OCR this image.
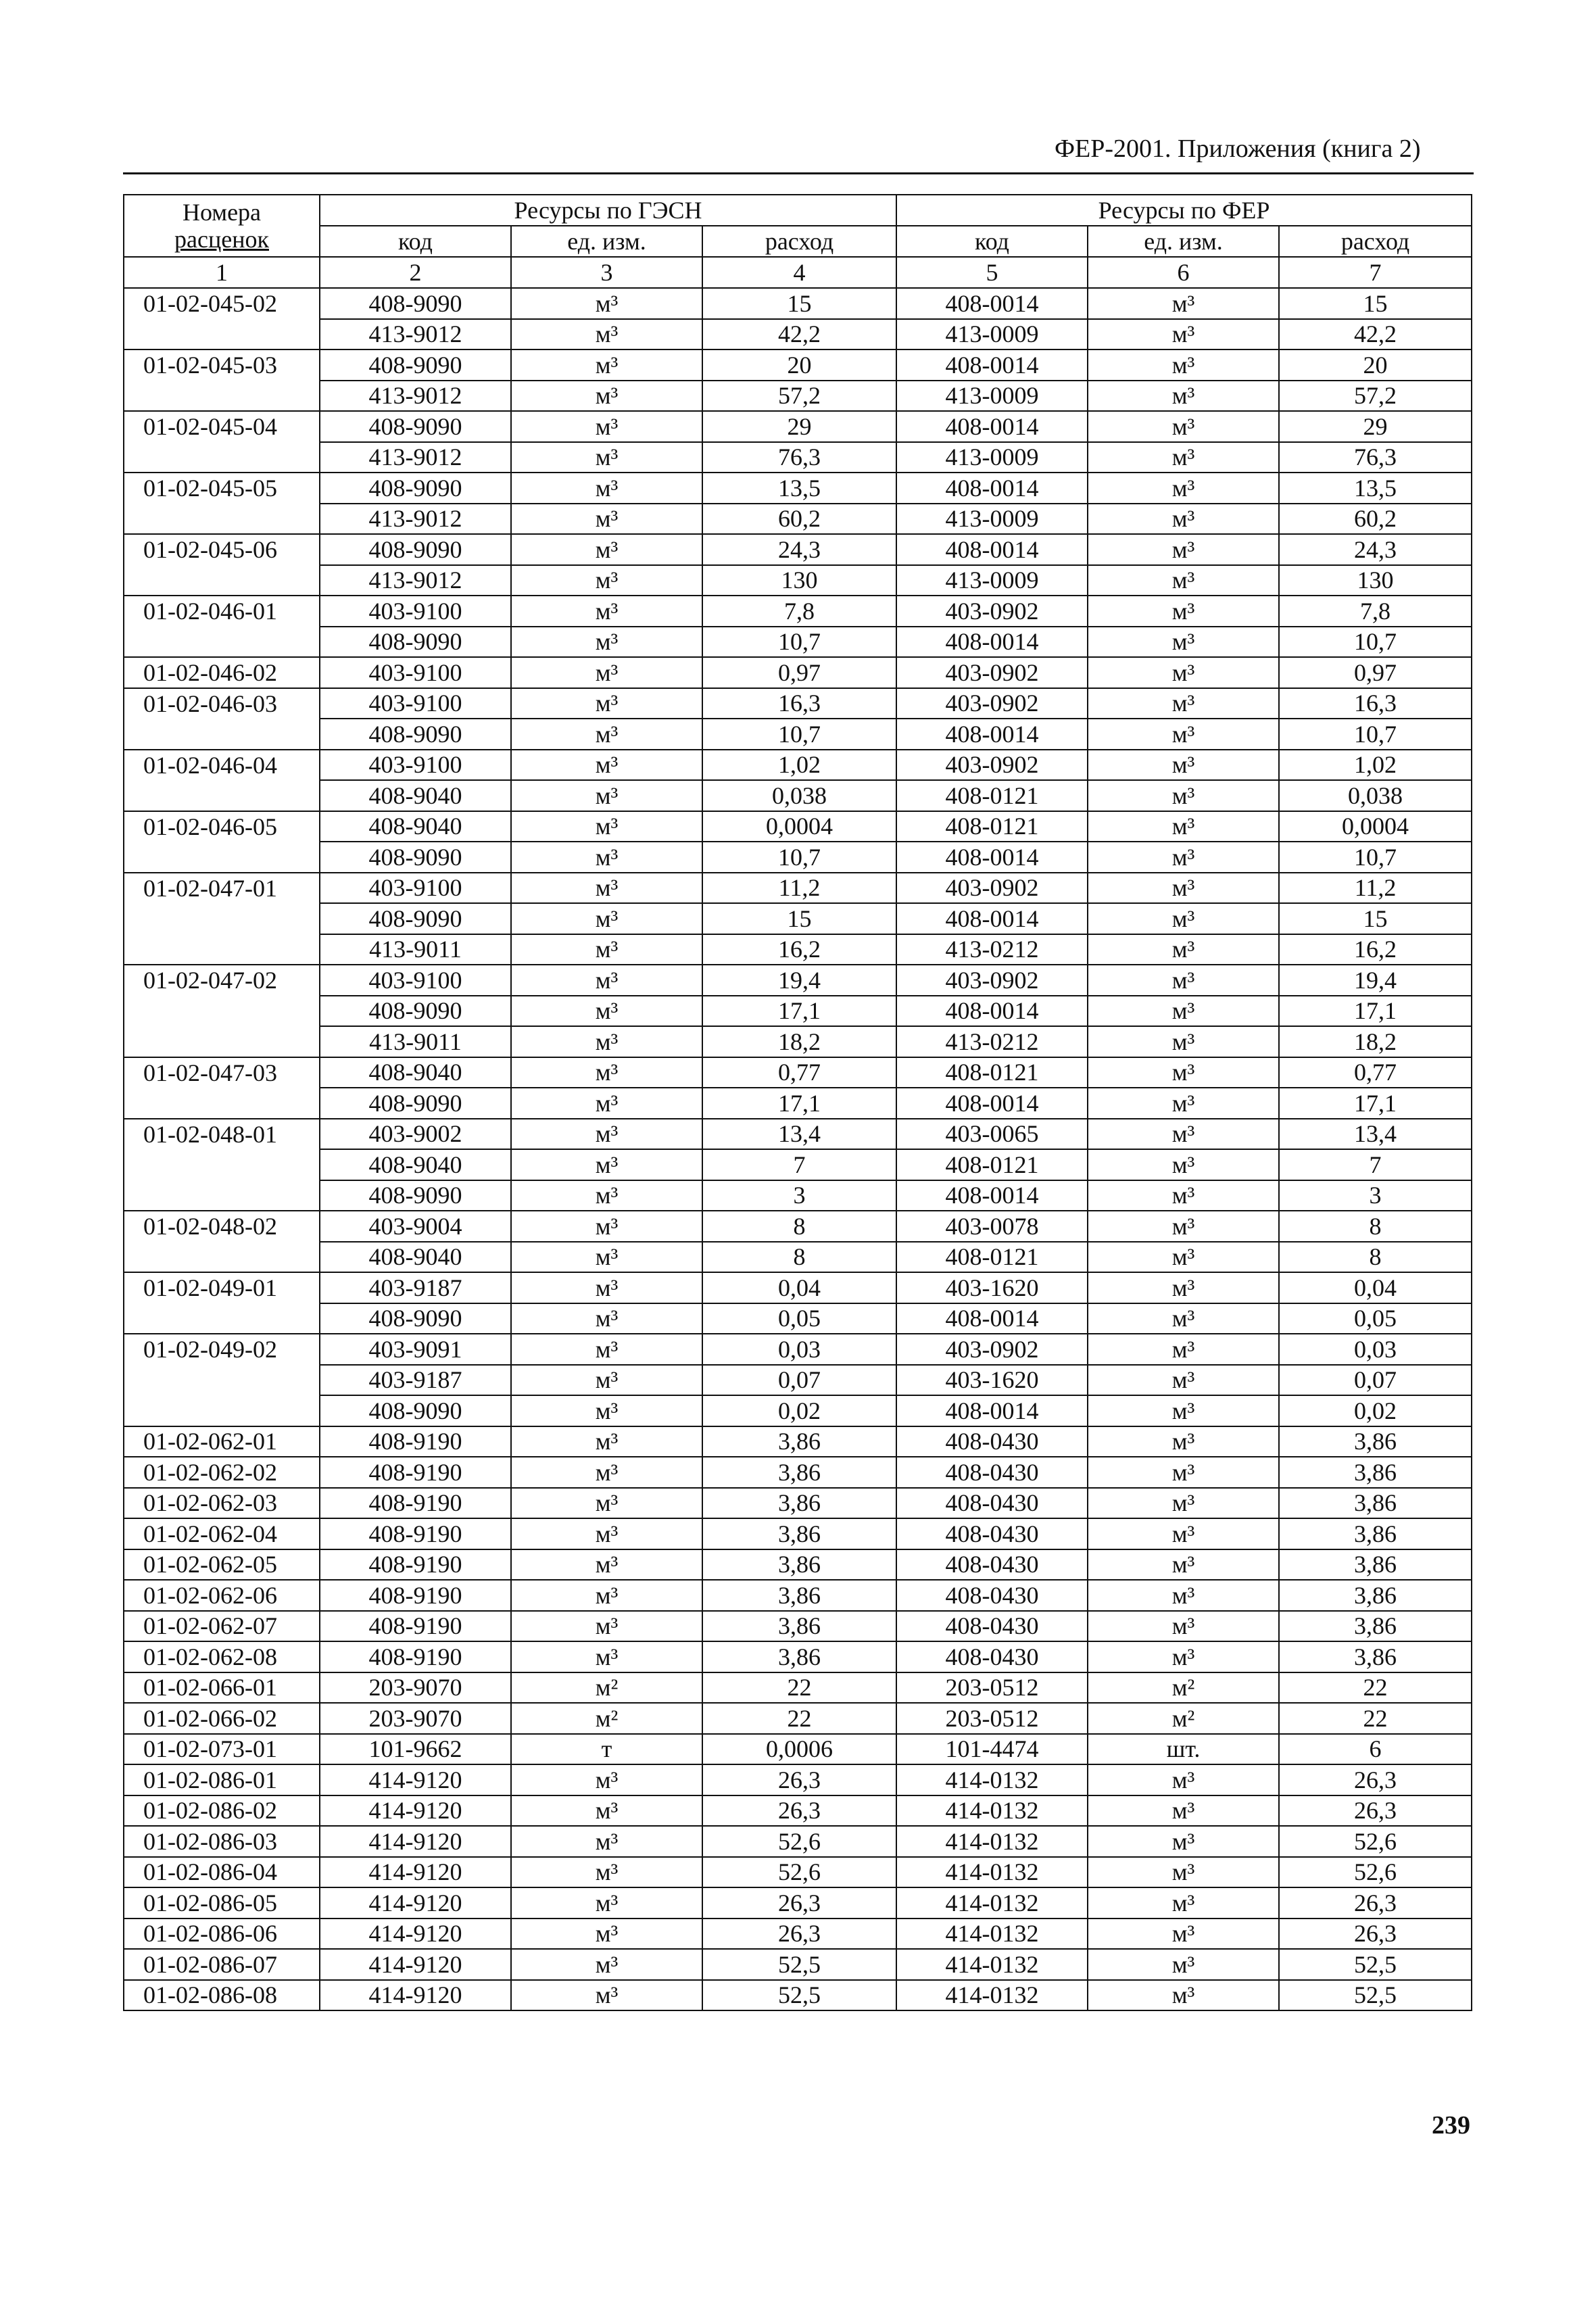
ФЕР-2001. Приложения (книга 2)
Номера
расценок	Ресурсы по ГЭСН			Ресурсы по ФЕР		
	код	ед. изм.	расход	код	ед. изм.	расход
1	2	3	4	5	6	7
01-02-045-02	408-9090	м³	15	408-0014	м³	15
	413-9012	м³	42,2	413-0009	м³	42,2
01-02-045-03	408-9090	м³	20	408-0014	м³	20
	413-9012	м³	57,2	413-0009	м³	57,2
01-02-045-04	408-9090	м³	29	408-0014	м³	29
	413-9012	м³	76,3	413-0009	м³	76,3
01-02-045-05	408-9090	м³	13,5	408-0014	м³	13,5
	413-9012	м³	60,2	413-0009	м³	60,2
01-02-045-06	408-9090	м³	24,3	408-0014	м³	24,3
	413-9012	м³	130	413-0009	м³	130
01-02-046-01	403-9100	м³	7,8	403-0902	м³	7,8
	408-9090	м³	10,7	408-0014	м³	10,7
01-02-046-02	403-9100	м³	0,97	403-0902	м³	0,97
01-02-046-03	403-9100	м³	16,3	403-0902	м³	16,3
	408-9090	м³	10,7	408-0014	м³	10,7
01-02-046-04	403-9100	м³	1,02	403-0902	м³	1,02
	408-9040	м³	0,038	408-0121	м³	0,038
01-02-046-05	408-9040	м³	0,0004	408-0121	м³	0,0004
	408-9090	м³	10,7	408-0014	м³	10,7
01-02-047-01	403-9100	м³	11,2	403-0902	м³	11,2
	408-9090	м³	15	408-0014	м³	15
	413-9011	м³	16,2	413-0212	м³	16,2
01-02-047-02	403-9100	м³	19,4	403-0902	м³	19,4
	408-9090	м³	17,1	408-0014	м³	17,1
	413-9011	м³	18,2	413-0212	м³	18,2
01-02-047-03	408-9040	м³	0,77	408-0121	м³	0,77
	408-9090	м³	17,1	408-0014	м³	17,1
01-02-048-01	403-9002	м³	13,4	403-0065	м³	13,4
	408-9040	м³	7	408-0121	м³	7
	408-9090	м³	3	408-0014	м³	3
01-02-048-02	403-9004	м³	8	403-0078	м³	8
	408-9040	м³	8	408-0121	м³	8
01-02-049-01	403-9187	м³	0,04	403-1620	м³	0,04
	408-9090	м³	0,05	408-0014	м³	0,05
01-02-049-02	403-9091	м³	0,03	403-0902	м³	0,03
	403-9187	м³	0,07	403-1620	м³	0,07
	408-9090	м³	0,02	408-0014	м³	0,02
01-02-062-01	408-9190	м³	3,86	408-0430	м³	3,86
01-02-062-02	408-9190	м³	3,86	408-0430	м³	3,86
01-02-062-03	408-9190	м³	3,86	408-0430	м³	3,86
01-02-062-04	408-9190	м³	3,86	408-0430	м³	3,86
01-02-062-05	408-9190	м³	3,86	408-0430	м³	3,86
01-02-062-06	408-9190	м³	3,86	408-0430	м³	3,86
01-02-062-07	408-9190	м³	3,86	408-0430	м³	3,86
01-02-062-08	408-9190	м³	3,86	408-0430	м³	3,86
01-02-066-01	203-9070	м²	22	203-0512	м²	22
01-02-066-02	203-9070	м²	22	203-0512	м²	22
01-02-073-01	101-9662	т	0,0006	101-4474	шт.	6
01-02-086-01	414-9120	м³	26,3	414-0132	м³	26,3
01-02-086-02	414-9120	м³	26,3	414-0132	м³	26,3
01-02-086-03	414-9120	м³	52,6	414-0132	м³	52,6
01-02-086-04	414-9120	м³	52,6	414-0132	м³	52,6
01-02-086-05	414-9120	м³	26,3	414-0132	м³	26,3
01-02-086-06	414-9120	м³	26,3	414-0132	м³	26,3
01-02-086-07	414-9120	м³	52,5	414-0132	м³	52,5
01-02-086-08	414-9120	м³	52,5	414-0132	м³	52,5
239
